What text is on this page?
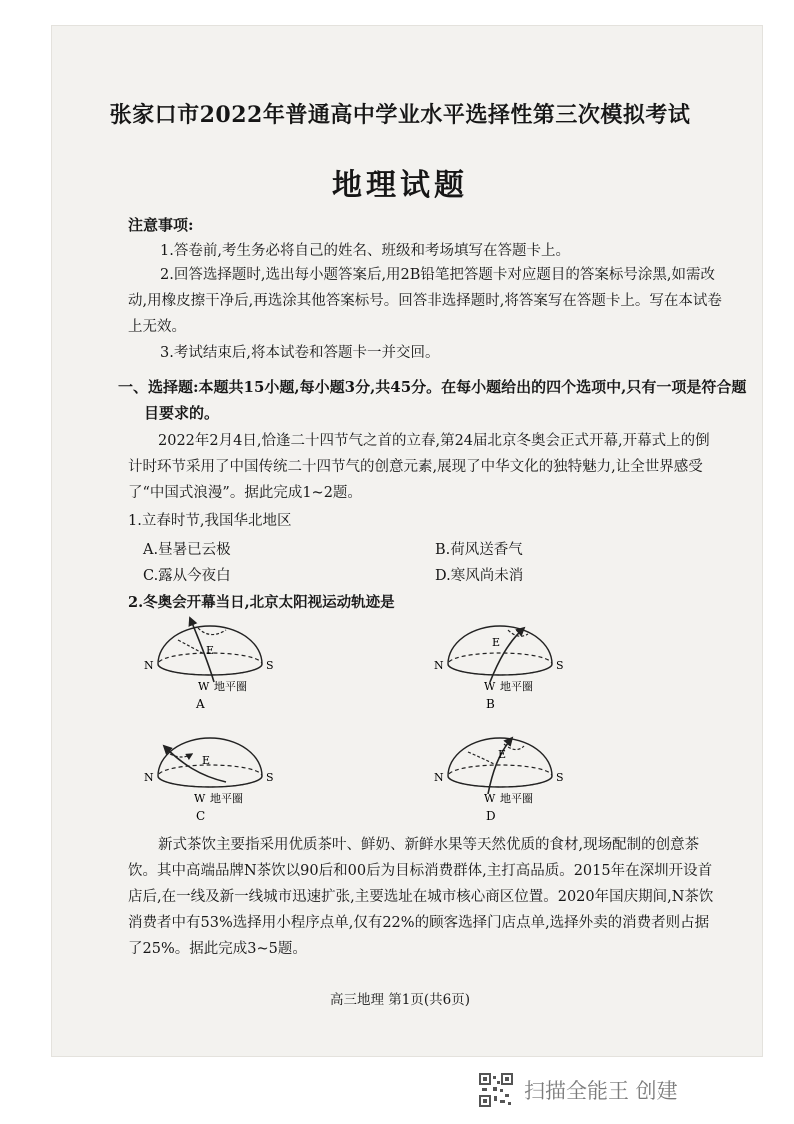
张家口市2022年普通高中学业水平选择性第三次模拟考试
地理试题
注意事项:
1.答卷前,考生务必将自己的姓名、班级和考场填写在答题卡上。
2.回答选择题时,选出每小题答案后,用2B铅笔把答题卡对应题目的答案标号涂黑,如需改动,用橡皮擦干净后,再选涂其他答案标号。回答非选择题时,将答案写在答题卡上。写在本试卷上无效。
3.考试结束后,将本试卷和答题卡一并交回。
一、选择题:本题共15小题,每小题3分,共45分。在每小题给出的四个选项中,只有一项是符合题目要求的。
2022年2月4日,恰逢二十四节气之首的立春,第24届北京冬奥会正式开幕,开幕式上的倒计时环节采用了中国传统二十四节气的创意元素,展现了中华文化的独特魅力,让全世界感受了“中国式浪漫”。据此完成1~2题。
1.立春时节,我国华北地区
A.昼暑已云极	B.荷风送香气
C.露从今夜白	D.寒风尚未消
2.冬奥会开幕当日,北京太阳视运动轨迹是
E
N	S
W 地平圈
A
E
N	S
W 地平圈
B
E
N	S
W 地平圈
C
E
N	S
W 地平圈
D
新式茶饮主要指采用优质茶叶、鲜奶、新鲜水果等天然优质的食材,现场配制的创意茶饮。其中高端品牌N茶饮以90后和00后为目标消费群体,主打高品质。2015年在深圳开设首店后,在一线及新一线城市迅速扩张,主要选址在城市核心商区位置。2020年国庆期间,N茶饮消费者中有53%选择用小程序点单,仅有22%的顾客选择门店点单,选择外卖的消费者则占据了25%。据此完成3~5题。
高三地理 第1页(共6页)
扫描全能王 创建
